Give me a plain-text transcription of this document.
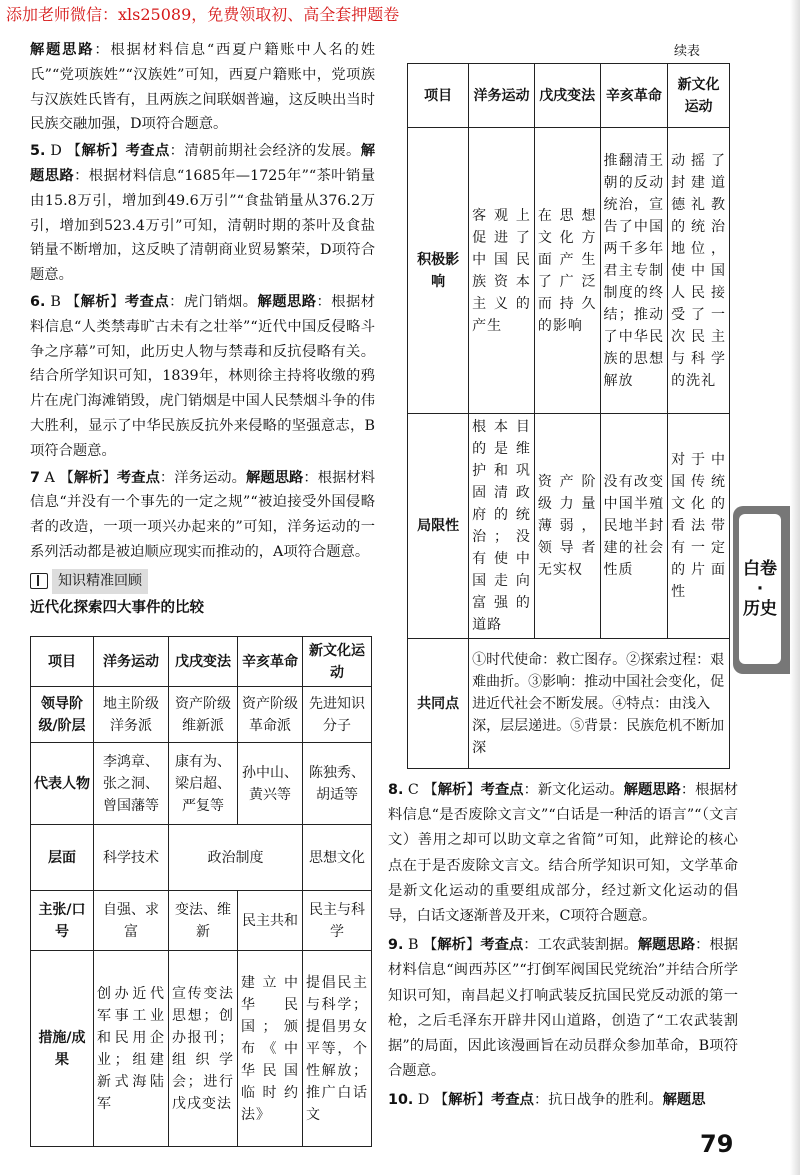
添加老师微信：xls25089，免费领取初、高全套押题卷

解题思路：根据材料信息“西夏户籍账中人名的姓氏”“党项族姓”“汉族姓”可知，西夏户籍账中，党项族与汉族姓氏皆有，且两族之间联姻普遍，这反映出当时民族交融加强，D项符合题意。

5. D 【解析】考查点：清朝前期社会经济的发展。解题思路：根据材料信息“1685年—1725年”“茶叶销量由15.8万引，增加到49.6万引”“食盐销量从376.2万引，增加到523.4万引”可知，清朝时期的茶叶及食盐销量不断增加，这反映了清朝商业贸易繁荣，D项符合题意。

6. B 【解析】考查点：虎门销烟。解题思路：根据材料信息“人类禁毒旷古未有之壮举”“近代中国反侵略斗争之序幕”可知，此历史人物与禁毒和反抗侵略有关。结合所学知识可知，1839年，林则徐主持将收缴的鸦片在虎门海滩销毁，虎门销烟是中国人民禁烟斗争的伟大胜利，显示了中华民族反抗外来侵略的坚强意志，B项符合题意。

7 A 【解析】考查点：洋务运动。解题思路：根据材料信息“并没有一个事先的一定之规”“被迫接受外国侵略者的改造，一项一项兴办起来的”可知，洋务运动的一系列活动都是被迫顺应现实而推动的，A项符合题意。

知识精准回顾
近代化探索四大事件的比较
项目	洋务运动	戊戌变法	辛亥革命	新文化运动
领导阶级/阶层	地主阶级洋务派	资产阶级维新派	资产阶级革命派	先进知识分子
代表人物	李鸿章、张之洞、曾国藩等	康有为、梁启超、严复等	孙中山、黄兴等	陈独秀、胡适等
层面	科学技术	政治制度		思想文化
主张/口号	自强、求富	变法、维新	民主共和	民主与科学
措施/成果	创办近代军事工业和民用企业；组建新式海陆军	宣传变法思想；创办报刊；组织学会；进行戊戌变法	建立中华民国；颁布《中华民国临时约法》	提倡民主与科学；提倡男女平等，个性解放；推广白话文
续表
项目	洋务运动	戊戌变法	辛亥革命	新文化运动
积极影响	客观上促进了中国民族资本主义的产生	在思想文化方面产生了广泛而持久的影响	推翻清王朝的反动统治，宣告了中国两千多年君主专制制度的终结；推动了中华民族的思想解放	动摇了封建道德礼教的统治地位，使中国人民接受了一次民主与科学的洗礼
局限性	根本目的是维护和巩固清政府的统治；没有使中国走向富强的道路	资产阶级力量薄弱，领导者无实权	没有改变中国半殖民地半封建的社会性质	对于中国传统文化的看法带有一定的片面性
共同点	①时代使命：救亡图存。②探索过程：艰难曲折。③影响：推动中国社会变化，促进近代社会不断发展。④特点：由浅入深，层层递进。⑤背景：民族危机不断加深			

8. C 【解析】考查点：新文化运动。解题思路：根据材料信息“是否废除文言文”“白话是一种活的语言”“（文言文）善用之却可以助文章之省简”可知，此辩论的核心点在于是否废除文言文。结合所学知识可知，文学革命是新文化运动的重要组成部分，经过新文化运动的倡导，白话文逐渐普及开来，C项符合题意。

9. B 【解析】考查点：工农武装割据。解题思路：根据材料信息“闽西苏区”“打倒军阀国民党统治”并结合所学知识可知，南昌起义打响武装反抗国民党反动派的第一枪，之后毛泽东开辟井冈山道路，创造了“工农武装割据”的局面，因此该漫画旨在动员群众参加革命，B项符合题意。

10. D 【解析】考查点：抗日战争的胜利。解题思

白卷
·
历史
79
